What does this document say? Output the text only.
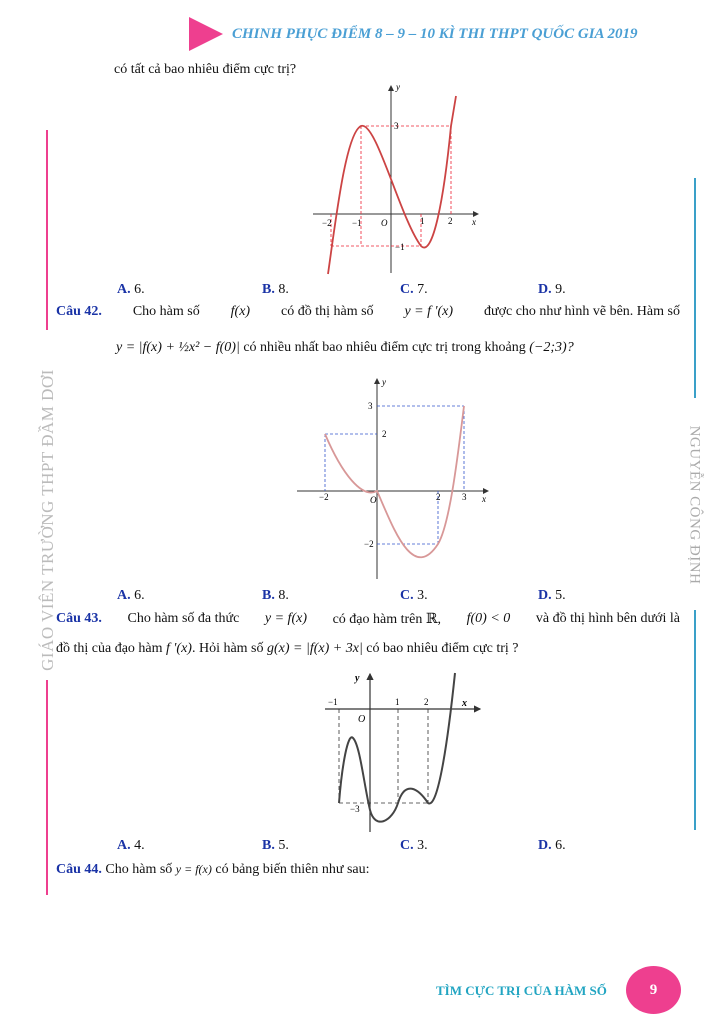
CHINH PHỤC ĐIỂM 8 – 9 – 10 KÌ THI THPT QUỐC GIA 2019
GIÁO VIÊN TRƯỜNG THPT ĐẦM DƠI	NGUYỄN CÔNG ĐỊNH
có tất cả bao nhiêu điểm cực trị?
y
x
O
3
−1
−2	1	2
−1
A. 6.	B. 8.	C. 7.	D. 9.
Câu 42. Cho hàm số f(x) có đồ thị hàm số y = f '(x) được cho như hình vẽ bên. Hàm số
y = |f(x) + ½x² − f(0)| có nhiều nhất bao nhiêu điểm cực trị trong khoảng (−2;3)?
y
x
O
3
2
−2
2 3
−2
A. 6.	B. 8.	C. 3.	D. 5.
Câu 43. Cho hàm số đa thức y = f(x) có đạo hàm trên ℝ, f(0) < 0 và đồ thị hình bên dưới là
đồ thị của đạo hàm f '(x). Hỏi hàm số g(x) = |f(x) + 3x| có bao nhiêu điểm cực trị ?
y
x
O
−1	1	2
−3
A. 4.	B. 5.	C. 3.	D. 6.
Câu 44. Cho hàm số y = f(x) có bảng biến thiên như sau:
TÌM CỰC TRỊ CỦA HÀM SỐ	9
